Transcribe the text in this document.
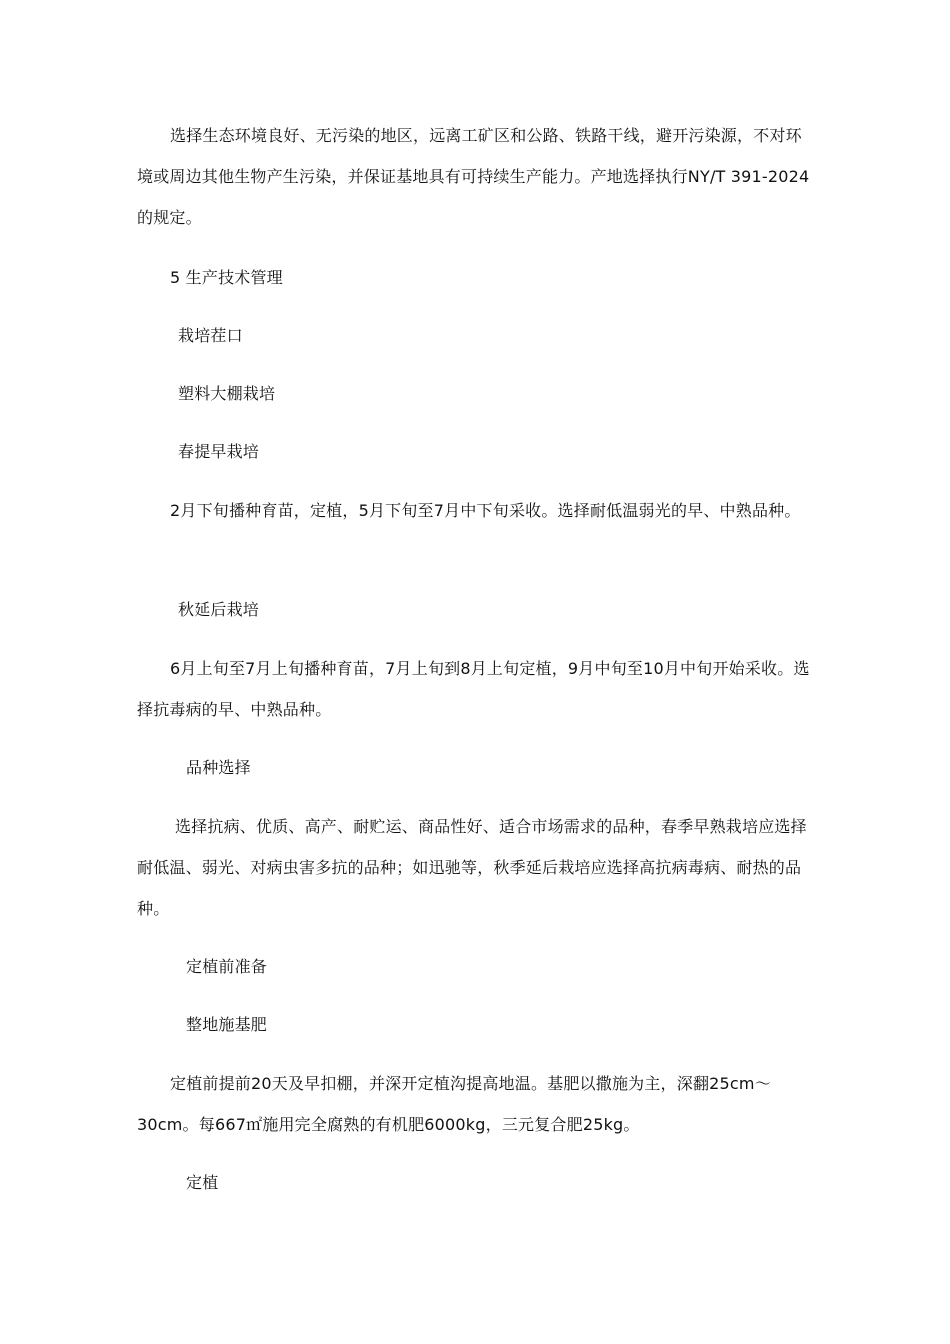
选择生态环境良好、无污染的地区，远离工矿区和公路、铁路干线，避开污染源，不对环境或周边其他生物产生污染，并保证基地具有可持续生产能力。产地选择执行NY/T 391-2024的规定。

5 生产技术管理

栽培茬口

塑料大棚栽培

春提早栽培

2月下旬播种育苗，定植，5月下旬至7月中下旬采收。选择耐低温弱光的早、中熟品种。

秋延后栽培

6月上旬至7月上旬播种育苗，7月上旬到8月上旬定植，9月中旬至10月中旬开始采收。选择抗毒病的早、中熟品种。

品种选择

选择抗病、优质、高产、耐贮运、商品性好、适合市场需求的品种，春季早熟栽培应选择耐低温、弱光、对病虫害多抗的品种；如迅驰等，秋季延后栽培应选择高抗病毒病、耐热的品种。

定植前准备

整地施基肥

定植前提前20天及早扣棚，并深开定植沟提高地温。基肥以撒施为主，深翻25cm～30cm。每667㎡施用完全腐熟的有机肥6000kg，三元复合肥25kg。

定植
